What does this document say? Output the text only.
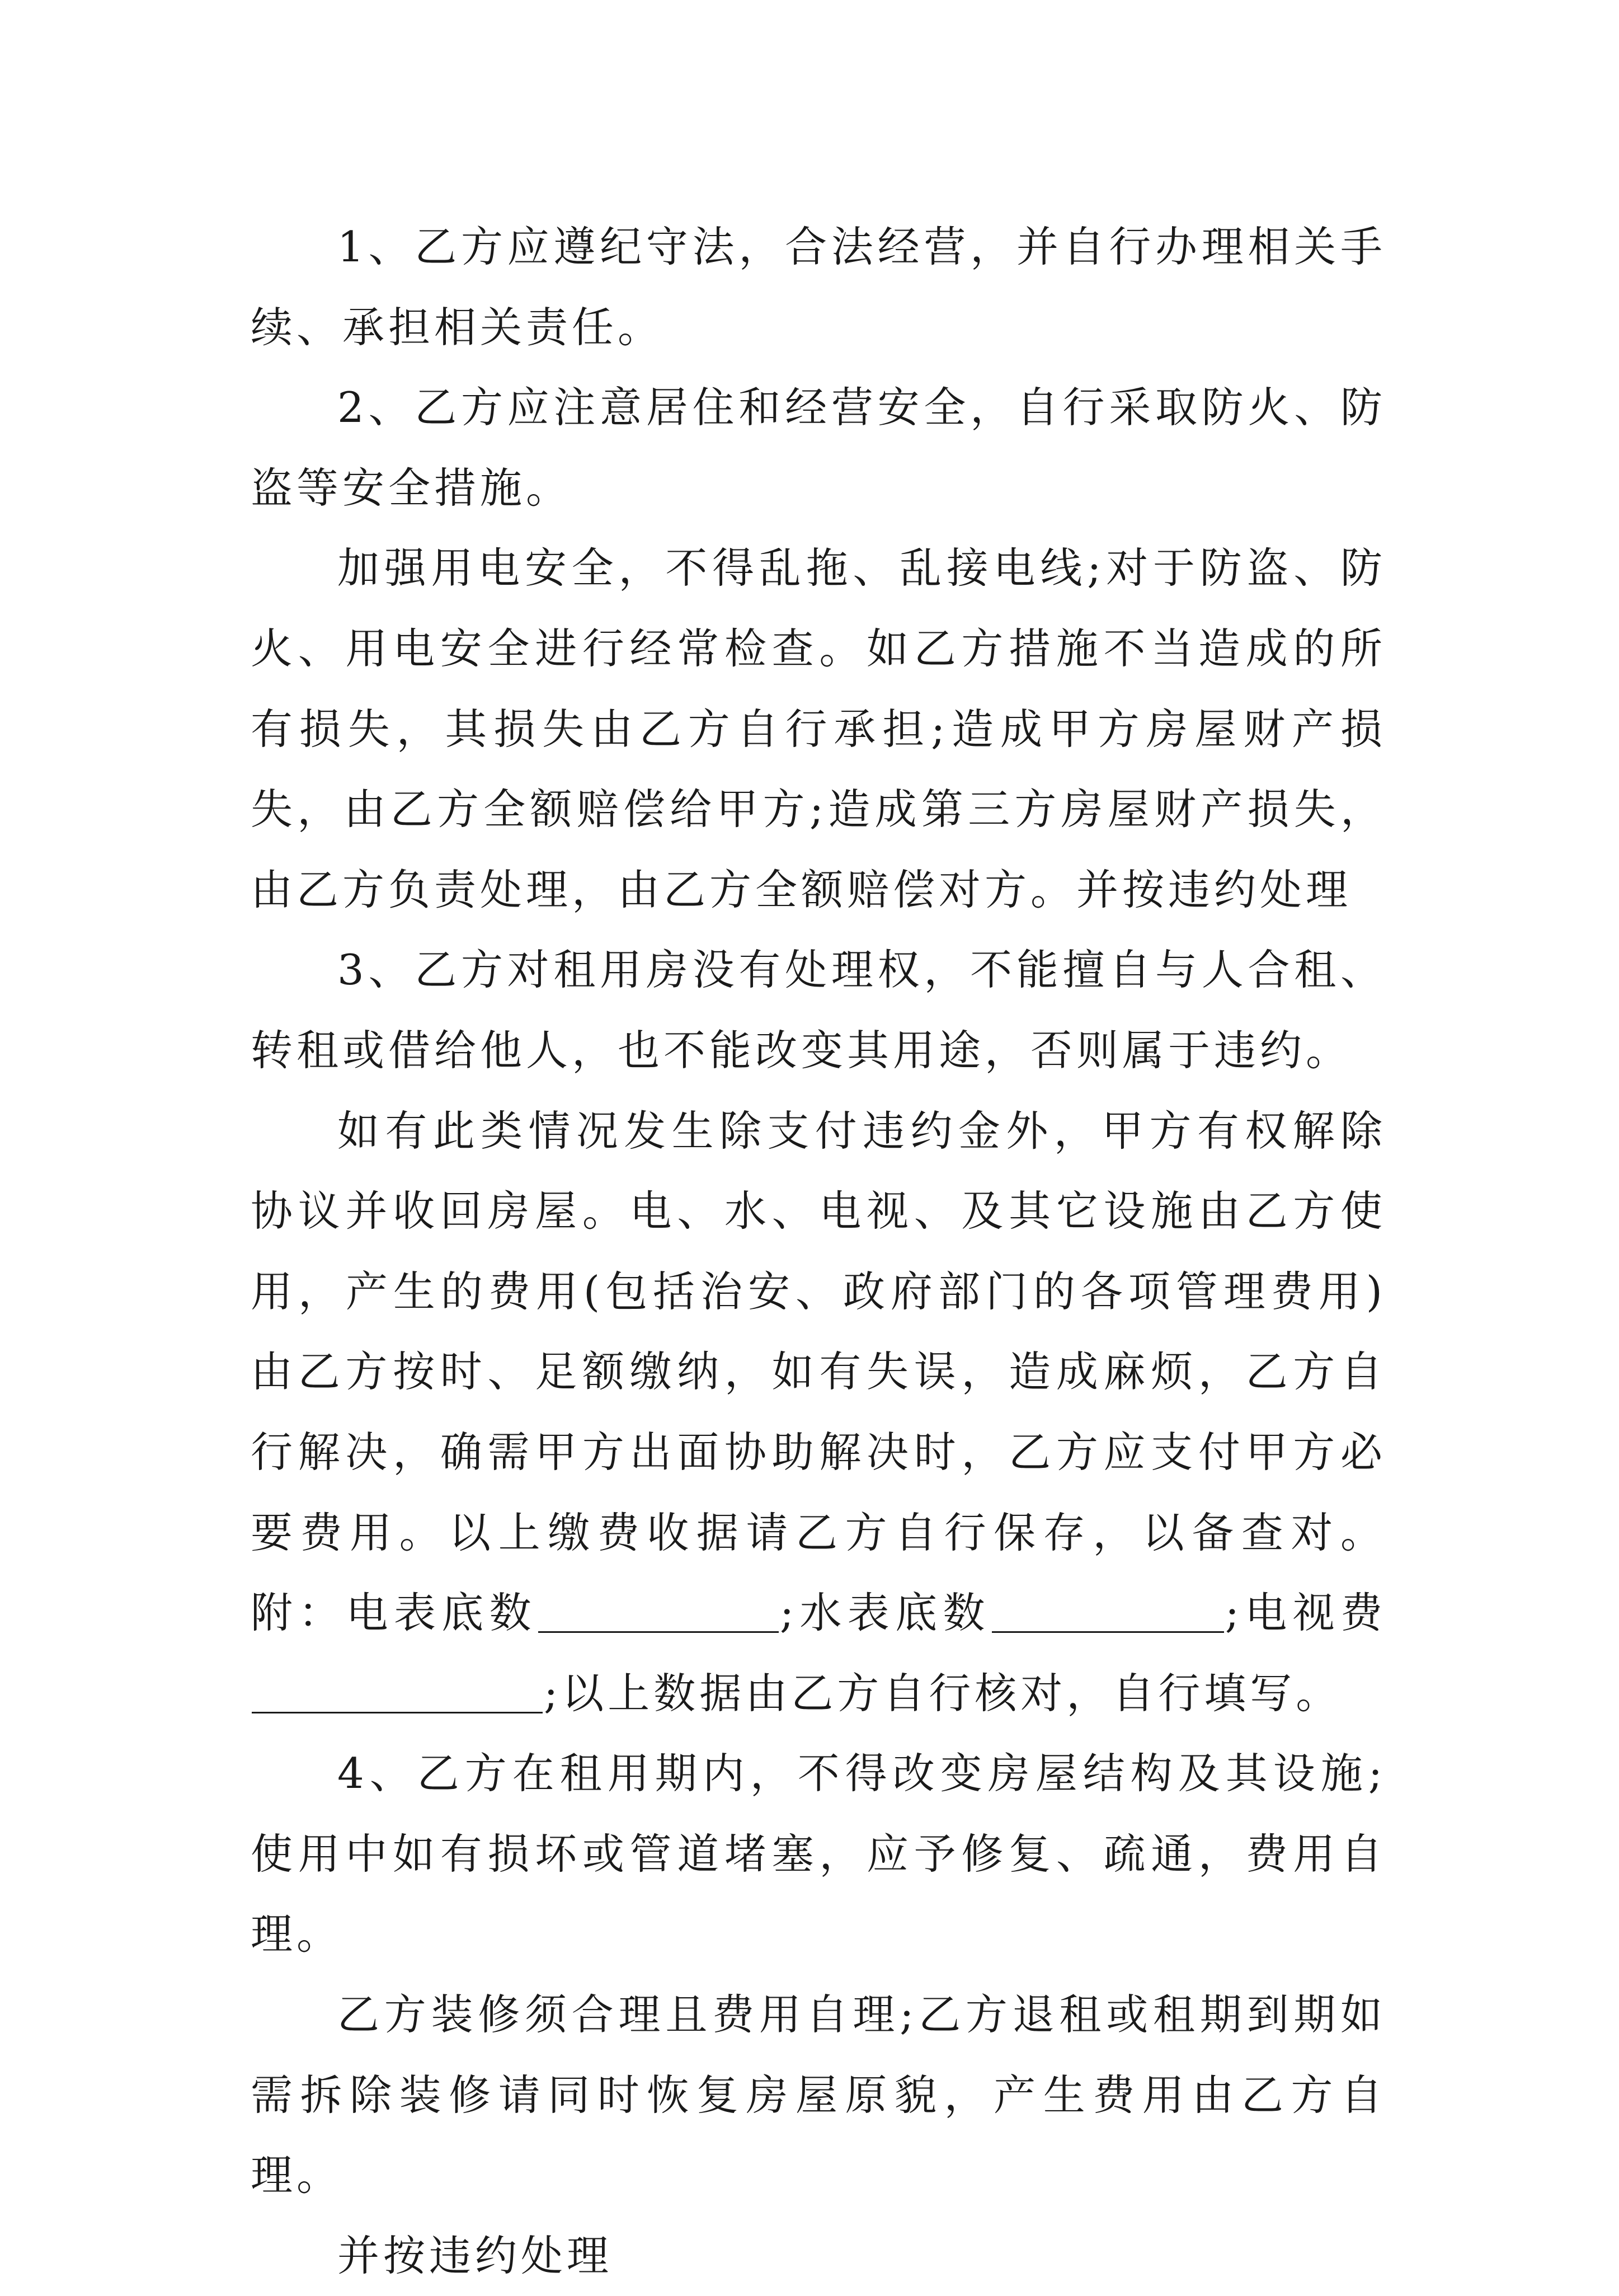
1、乙方应遵纪守法，合法经营，并自行办理相关手续、承担相关责任。

2、乙方应注意居住和经营安全，自行采取防火、防盗等安全措施。

加强用电安全，不得乱拖、乱接电线;对于防盗、防火、用电安全进行经常检查。如乙方措施不当造成的所有损失，其损失由乙方自行承担;造成甲方房屋财产损失，由乙方全额赔偿给甲方;造成第三方房屋财产损失，由乙方负责处理，由乙方全额赔偿对方。并按违约处理

3、乙方对租用房没有处理权，不能擅自与人合租、转租或借给他人，也不能改变其用途，否则属于违约。

如有此类情况发生除支付违约金外，甲方有权解除协议并收回房屋。电、水、电视、及其它设施由乙方使用，产生的费用(包括治安、政府部门的各项管理费用)由乙方按时、足额缴纳，如有失误，造成麻烦，乙方自行解决，确需甲方出面协助解决时，乙方应支付甲方必要费用。以上缴费收据请乙方自行保存，以备查对。附：电表底数	;水表底数	;电视费;以上数据由乙方自行核对，自行填写。

4、乙方在租用期内，不得改变房屋结构及其设施;使用中如有损坏或管道堵塞，应予修复、疏通，费用自理。

乙方装修须合理且费用自理;乙方退租或租期到期如需拆除装修请同时恢复房屋原貌，产生费用由乙方自理。

并按违约处理
